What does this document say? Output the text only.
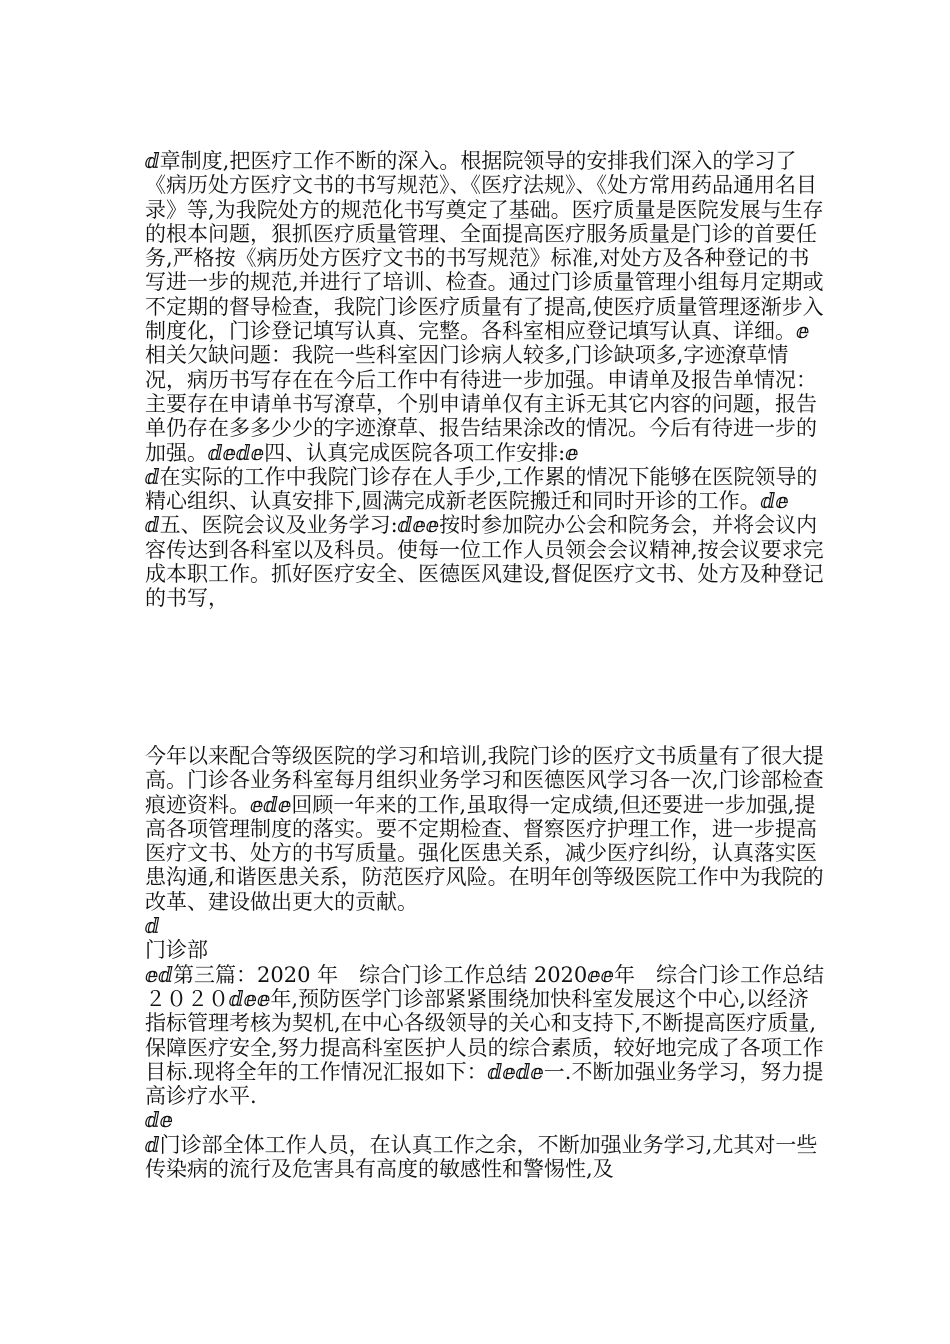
ⅆ章制度,把医疗工作不断的深入。根据院领导的安排我们深入的学习了《病历处方医疗文书的书写规范》、《医疗法规》、《处方常用药品通用名目录》等,为我院处方的规范化书写奠定了基础。医疗质量是医院发展与生存的根本问题，狠抓医疗质量管理、全面提高医疗服务质量是门诊的首要任务,严格按《病历处方医疗文书的书写规范》标准,对处方及各种登记的书写进一步的规范,并进行了培训、检查。通过门诊质量管理小组每月定期或不定期的督导检查，我院门诊医疗质量有了提高,使医疗质量管理逐渐步入制度化，门诊登记填写认真、完整。各科室相应登记填写认真、详细。ⅇ

相关欠缺问题：我院一些科室因门诊病人较多,门诊缺项多,字迹潦草情况，病历书写存在在今后工作中有待进一步加强。申请单及报告单情况：主要存在申请单书写潦草，个别申请单仅有主诉无其它内容的问题，报告单仍存在多多少少的字迹潦草、报告结果涂改的情况。今后有待进一步的加强。ⅆⅇⅆⅇ四、认真完成医院各项工作安排:ⅇ

ⅆ在实际的工作中我院门诊存在人手少,工作累的情况下能够在医院领导的精心组织、认真安排下,圆满完成新老医院搬迁和同时开诊的工作。ⅆⅇ

ⅆ五、医院会议及业务学习:ⅆⅇⅇ按时参加院办公会和院务会，并将会议内容传达到各科室以及科员。使每一位工作人员领会会议精神,按会议要求完成本职工作。抓好医疗安全、医德医风建设,督促医疗文书、处方及种登记的书写，

今年以来配合等级医院的学习和培训,我院门诊的医疗文书质量有了很大提高。门诊各业务科室每月组织业务学习和医德医风学习各一次,门诊部检查痕迹资料。ⅇⅆⅇ回顾一年来的工作,虽取得一定成绩,但还要进一步加强,提高各项管理制度的落实。要不定期检查、督察医疗护理工作，进一步提高医疗文书、处方的书写质量。强化医患关系，减少医疗纠纷，认真落实医患沟通,和谐医患关系，防范医疗风险。在明年创等级医院工作中为我院的改革、建设做出更大的贡献。

ⅆ

门诊部

ⅇⅆ第三篇：2020 年　综合门诊工作总结 2020ⅇⅇ年　综合门诊工作总结２０２０ⅆⅇⅇ年,预防医学门诊部紧紧围绕加快科室发展这个中心,以经济指标管理考核为契机,在中心各级领导的关心和支持下,不断提高医疗质量,保障医疗安全,努力提高科室医护人员的综合素质，较好地完成了各项工作目标.现将全年的工作情况汇报如下：ⅆⅇⅆⅇ一.不断加强业务学习，努力提高诊疗水平.

ⅆⅇ

ⅆ门诊部全体工作人员，在认真工作之余，不断加强业务学习,尤其对一些传染病的流行及危害具有高度的敏感性和警惕性,及
